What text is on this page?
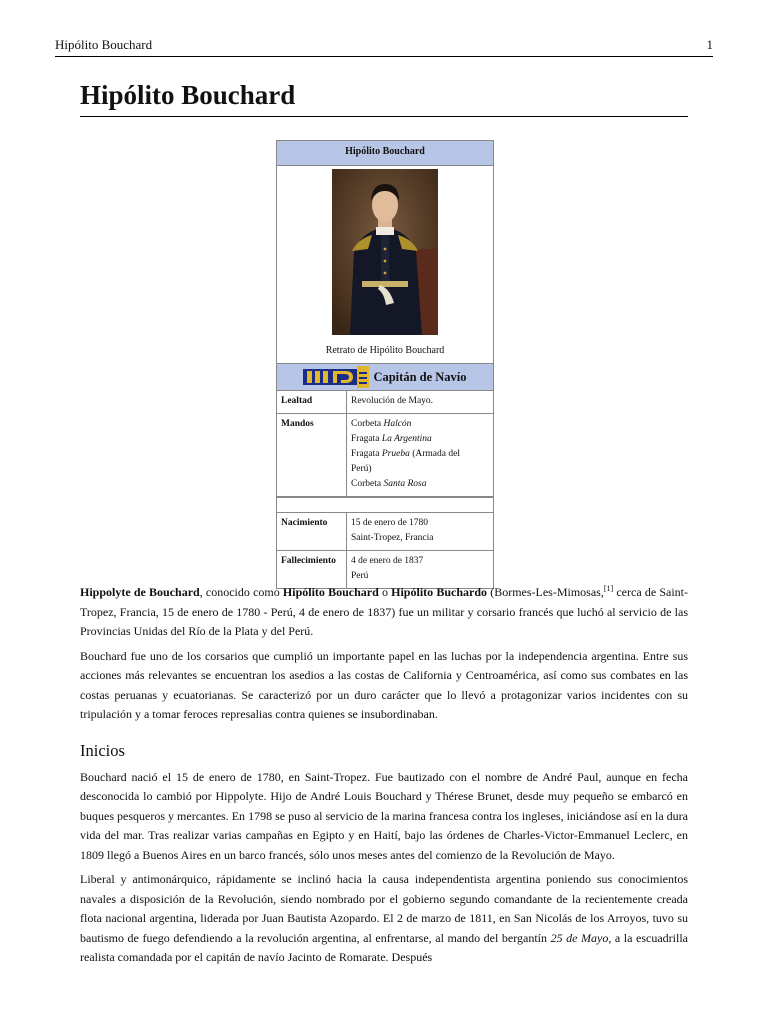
Hipólito Bouchard	1
Hipólito Bouchard
Hipólito Bouchard
Retrato de Hipólito Bouchard
Capitán de Navío
Lealtad	Revolución de Mayo.
Mandos	Corbeta Halcón
Fragata La Argentina
Fragata Prueba (Armada del
Perú)
Corbeta Santa Rosa

Nacimiento	15 de enero de 1780
Saint-Tropez, Francia
Fallecimiento	4 de enero de 1837
Perú

Hippolyte de Bouchard, conocido como Hipólito Bouchard o Hipólito Buchardo (Bormes-Les-Mimosas,[1] cerca de Saint-Tropez, Francia, 15 de enero de 1780 - Perú, 4 de enero de 1837) fue un militar y corsario francés que luchó al servicio de las Provincias Unidas del Río de la Plata y del Perú.

Bouchard fue uno de los corsarios que cumplió un importante papel en las luchas por la independencia argentina. Entre sus acciones más relevantes se encuentran los asedios a las costas de California y Centroamérica, así como sus combates en las costas peruanas y ecuatorianas. Se caracterizó por un duro carácter que lo llevó a protagonizar varios incidentes con su tripulación y a tomar feroces represalias contra quienes se insubordinaban.

Inicios

Bouchard nació el 15 de enero de 1780, en Saint-Tropez. Fue bautizado con el nombre de André Paul, aunque en fecha desconocida lo cambió por Hippolyte. Hijo de André Louis Bouchard y Thérese Brunet, desde muy pequeño se embarcó en buques pesqueros y mercantes. En 1798 se puso al servicio de la marina francesa contra los ingleses, iniciándose así en la dura vida del mar. Tras realizar varias campañas en Egipto y en Haití, bajo las órdenes de Charles-Victor-Emmanuel Leclerc, en 1809 llegó a Buenos Aires en un barco francés, sólo unos meses antes del comienzo de la Revolución de Mayo.

Liberal y antimonárquico, rápidamente se inclinó hacia la causa independentista argentina poniendo sus conocimientos navales a disposición de la Revolución, siendo nombrado por el gobierno segundo comandante de la recientemente creada flota nacional argentina, liderada por Juan Bautista Azopardo. El 2 de marzo de 1811, en San Nicolás de los Arroyos, tuvo su bautismo de fuego defendiendo a la revolución argentina, al enfrentarse, al mando del bergantín 25 de Mayo, a la escuadrilla realista comandada por el capitán de navío Jacinto de Romarate. Después
